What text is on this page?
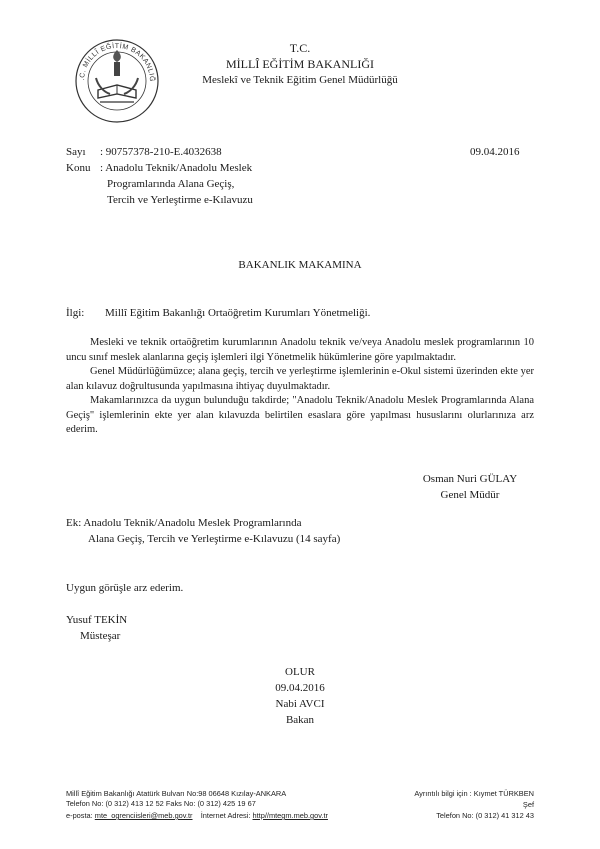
.C. MİLLÎ EĞİTİM BAKANLIĞ
T.C.
MİLLÎ EĞİTİM BAKANLIĞI
Meslekî ve Teknik Eğitim Genel Müdürlüğü
Sayı : 90757378-210-E.4032638	09.04.2016
Konu : Anadolu Teknik/Anadolu Meslek
Programlarında Alana Geçiş,
Tercih ve Yerleştirme e-Kılavuzu
BAKANLIK MAKAMINA
İlgi: Millî Eğitim Bakanlığı Ortaöğretim Kurumları Yönetmeliği.

Mesleki ve teknik ortaöğretim kurumlarının Anadolu teknik ve/veya Anadolu meslek programlarının 10 uncu sınıf meslek alanlarına geçiş işlemleri ilgi Yönetmelik hükümlerine göre yapılmaktadır.

Genel Müdürlüğümüzce; alana geçiş, tercih ve yerleştirme işlemlerinin e-Okul sistemi üzerinden ekte yer alan kılavuz doğrultusunda yapılmasına ihtiyaç duyulmaktadır.

Makamlarınızca da uygun bulunduğu takdirde; "Anadolu Teknik/Anadolu Meslek Programlarında Alana Geçiş" işlemlerinin ekte yer alan kılavuzda belirtilen esaslara göre yapılması hususlarını olurlarınıza arz ederim.

Osman Nuri GÜLAY
Genel Müdür
Ek: Anadolu Teknik/Anadolu Meslek Programlarında
Alana Geçiş, Tercih ve Yerleştirme e-Kılavuzu (14 sayfa)
Uygun görüşle arz ederim.
Yusuf TEKİN
Müsteşar
OLUR
09.04.2016
Nabi AVCI
Bakan
Millî Eğitim Bakanlığı Atatürk Bulvarı No:98 06648 Kızılay-ANKARA
Telefon No: (0 312) 413 12 52 Faks No: (0 312) 425 19 67
e-posta: mte_ogrenciisleri@meb.gov.tr İnternet Adresi: http//mtegm.meb.gov.tr
Ayrıntılı bilgi için : Kıymet TÜRKBEN
Şef
Telefon No: (0 312) 41 312 43
